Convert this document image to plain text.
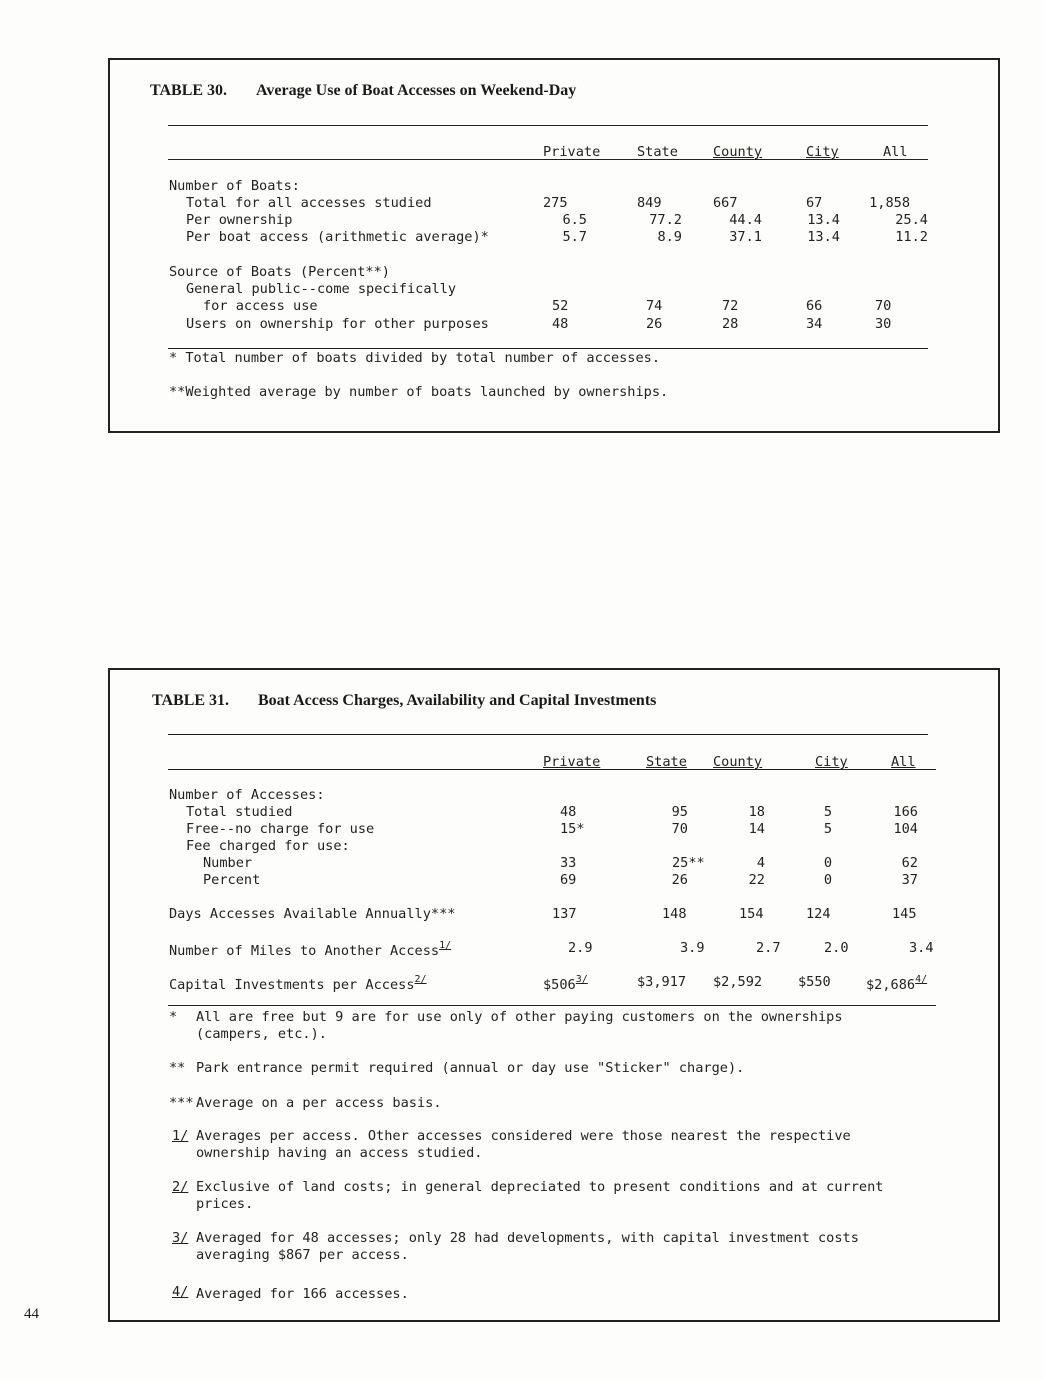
TABLE 30. Average Use of Boat Accesses on Weekend-Day
Private	State	County	City	All
Number of Boats:
Total for all accesses studied	275	849	667	67	1,858
Per ownership	6.5	77.2	44.4	13.4	25.4
Per boat access (arithmetic average)*	5.7	8.9	37.1	13.4	11.2
Source of Boats (Percent**)
General public--come specifically
for access use	52	74	72	66	70
Users on ownership for other purposes	48	26	28	34	30
* Total number of boats divided by total number of accesses.
**Weighted average by number of boats launched by ownerships.
TABLE 31. Boat Access Charges, Availability and Capital Investments
Private	State County	City	All
Number of Accesses:
Total studied	48	95	18	5	166
Free--no charge for use	15*	70	14	5	104
Fee charged for use:
Number	33	25**	4	0	62
Percent	69	26	22	0	37
Days Accesses Available Annually***	137	148	154	124	145
Number of Miles to Another Access$^{1/}$	2.9	3.9	2.7	2.0	3.4
Capital Investments per Access$^{2/}$	$506$^{3/}$	$3,917 $2,592	$550	$2,686$^{4/}$
* All are free but 9 are for use only of other paying customers on the ownerships
(campers, etc.).
** Park entrance permit required (annual or day use "Sticker" charge).
*** Average on a per access basis.
1/ Averages per access. Other accesses considered were those nearest the respective
ownership having an access studied.
2/ Exclusive of land costs; in general depreciated to present conditions and at current
prices.
3/ Averaged for 48 accesses; only 28 had developments, with capital investment costs
averaging $867 per access.
4/ Averaged for 166 accesses.
44
